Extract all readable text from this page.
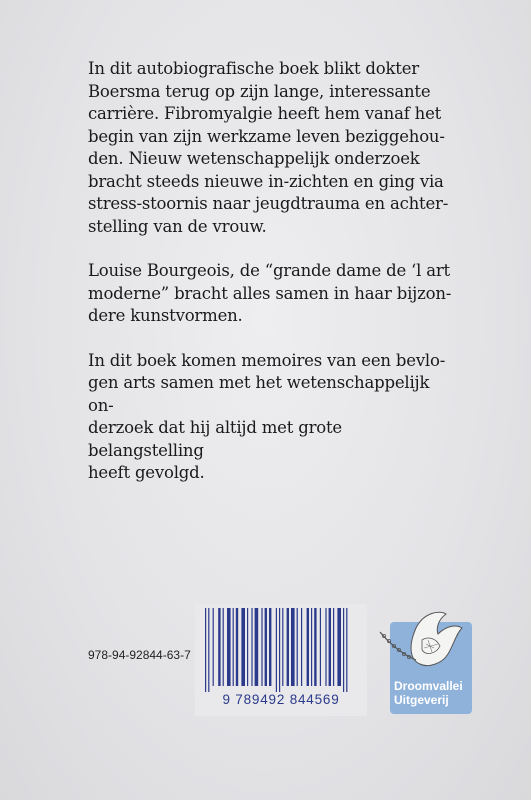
In dit autobiografische boek blikt dokter
Boersma terug op zijn lange, interessante
carrière. Fibromyalgie heeft hem vanaf het
begin van zijn werkzame leven beziggehou-
den. Nieuw wetenschappelijk onderzoek
bracht steeds nieuwe in-zichten en ging via
stress-stoornis naar jeugdtrauma en achter-
stelling van de vrouw.

Louise Bourgeois, de “grande dame de ‘l art
moderne” bracht alles samen in haar bijzon-
dere kunstvormen.

In dit boek komen memoires van een bevlo-
gen arts samen met het wetenschappelijk on-
derzoek dat hij altijd met grote belangstelling
heeft gevolgd.

978-94-92844-63-7
9 789492 844569
Droomvallei
Uitgeverij
